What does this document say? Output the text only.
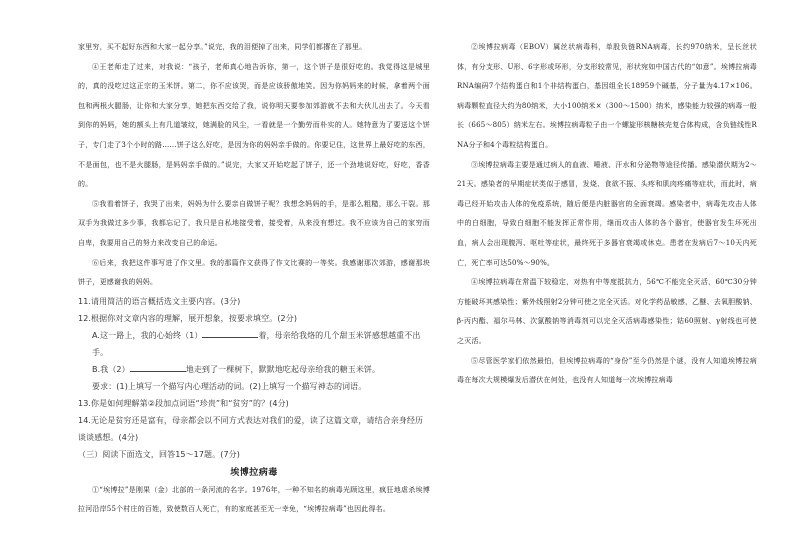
家里穷，买不起好东西和大家一起分享。”说完，我的泪便掉了出来，同学们都撂在了那里。

④王老师走了过来，对我说：“孩子，老师真心地告诉你，第一，这个饼子是很好吃的。我觉得这是城里的，真的没吃过这正宗的玉米饼。第二，你不应该哭，而是应该骄傲地笑。因为你妈妈来的时候，拿着两个面包和两根火腿肠，让你和大家分享，她把东西交给了我，说你明天要参加郊游就不去和大伙儿出去了。今天看到你的妈妈，她的额头上有几道皱纹，她满脸的风尘，一看就是一个勤劳而朴实的人。她特意为了要送这个饼子，专门走了3个小时的路……饼子这么好吃，是因为你的妈妈亲手做的。你要记住，这世界上最好吃的东西，不是面包，也不是火腿肠，是妈妈亲手做的。”说完，大家又开始吃起了饼子，还一个劲地说好吃，好吃，香香的。

⑤我看着饼子，我哭了出来，妈妈为什么要亲自做饼子呢？我想念妈妈的手，是那么粗糙，那么干裂。那双手为我做过多少事，我都忘记了，我只是自私地接受着，接受着，从来没有想过。我不应该为自己的家穷而自卑，我要用自己的努力来改变自己的命运。

⑥后来，我把这件事写进了作文里。我的那篇作文获得了作文比赛的一等奖。我感谢那次郊游，感谢那块饼子，更感谢我的妈妈。

11.请用简洁的语言概括选文主要内容。(3分)

12.根据你对文章内容的理解，展开想象，按要求填空。(2分)

A.这一路上，我的心始终（1）	着，母亲给我烙的几个甜玉米饼感想越重不出手。

B.我（2）	地走到了一棵树下，默默地吃起母亲给我的糖玉米饼。

要求：(1)上填写一个描写内心理活动的词。(2)上填写一个描写神态的词语。

13.你是如何理解第②段加点词语“珍贵”和“贫穷”的？(4分)

14.无论是贫穷还是富有，母亲都会以不同方式表达对我们的爱，读了这篇文章，请结合亲身经历谈谈感想。(4分)

（三）阅读下面选文，回答15～17题。(7分)

埃博拉病毒

①“埃博拉”是刚果（金）北部的一条河流的名字。1976年，一种不知名的病毒光顾这里，疯狂地虐杀埃博拉河沿岸55个村庄的百姓，致使数百人死亡，有的家庭甚至无一幸免，“埃博拉病毒”也因此得名。

②埃博拉病毒（EBOV）属丝状病毒科，单股负链RNA病毒，长约970纳米，呈长丝状体，有分支形、U形、6字形或环形，分支形较常见，形状宛如中国古代的“如意”。埃博拉病毒RNA编码7个结构蛋白和1个非结构蛋白，基因组全长18959个碱基，分子量为4.17×106。病毒颗粒直径大约为80纳米，大小100纳米×（300～1500）纳米，感染能力较强的病毒一般长（665～805）纳米左右。埃博拉病毒粒子由一个螺旋形核糖核壳复合体构成，含负链线性RNA分子和4个毒粒结构蛋白。

③埃博拉病毒主要是通过病人的血液、唾液、汗水和分泌物等途径传播。感染潜伏期为2～21天。感染者的早期症状类似于感冒，发烧、食欲不振、头疼和肌肉疼痛等症状，而此时，病毒已经开始攻击人体的免疫系统，随后便是内脏器官的全面衰竭。感染者中，病毒先攻击人体中的白细胞，导致白细胞不能发挥正常作用，继而攻击人体的各个器官，使器官发生坏死出血，病人会出现腹泻、呕吐等症状，最终死于多器官衰竭或休克。患者在发病后7～10天内死亡，死亡率可达50%～90%。

④埃博拉病毒在常温下较稳定，对热有中等度抵抗力，56℃不能完全灭活，60℃30分钟方能破坏其感染性；紫外线照射2分钟可使之完全灭活。对化学药品敏感，乙醚、去氧胆酸钠、β-丙内酯、福尔马林、次氯酸钠等消毒剂可以完全灭活病毒感染性；钴60照射、γ射线也可使之灭活。

⑤尽管医学家们依然最怕，但埃博拉病毒的“身份”至今仍然是个谜，没有人知道埃博拉病毒在每次大规模爆发后潜伏在何处，也没有人知道每一次埃博拉病毒
